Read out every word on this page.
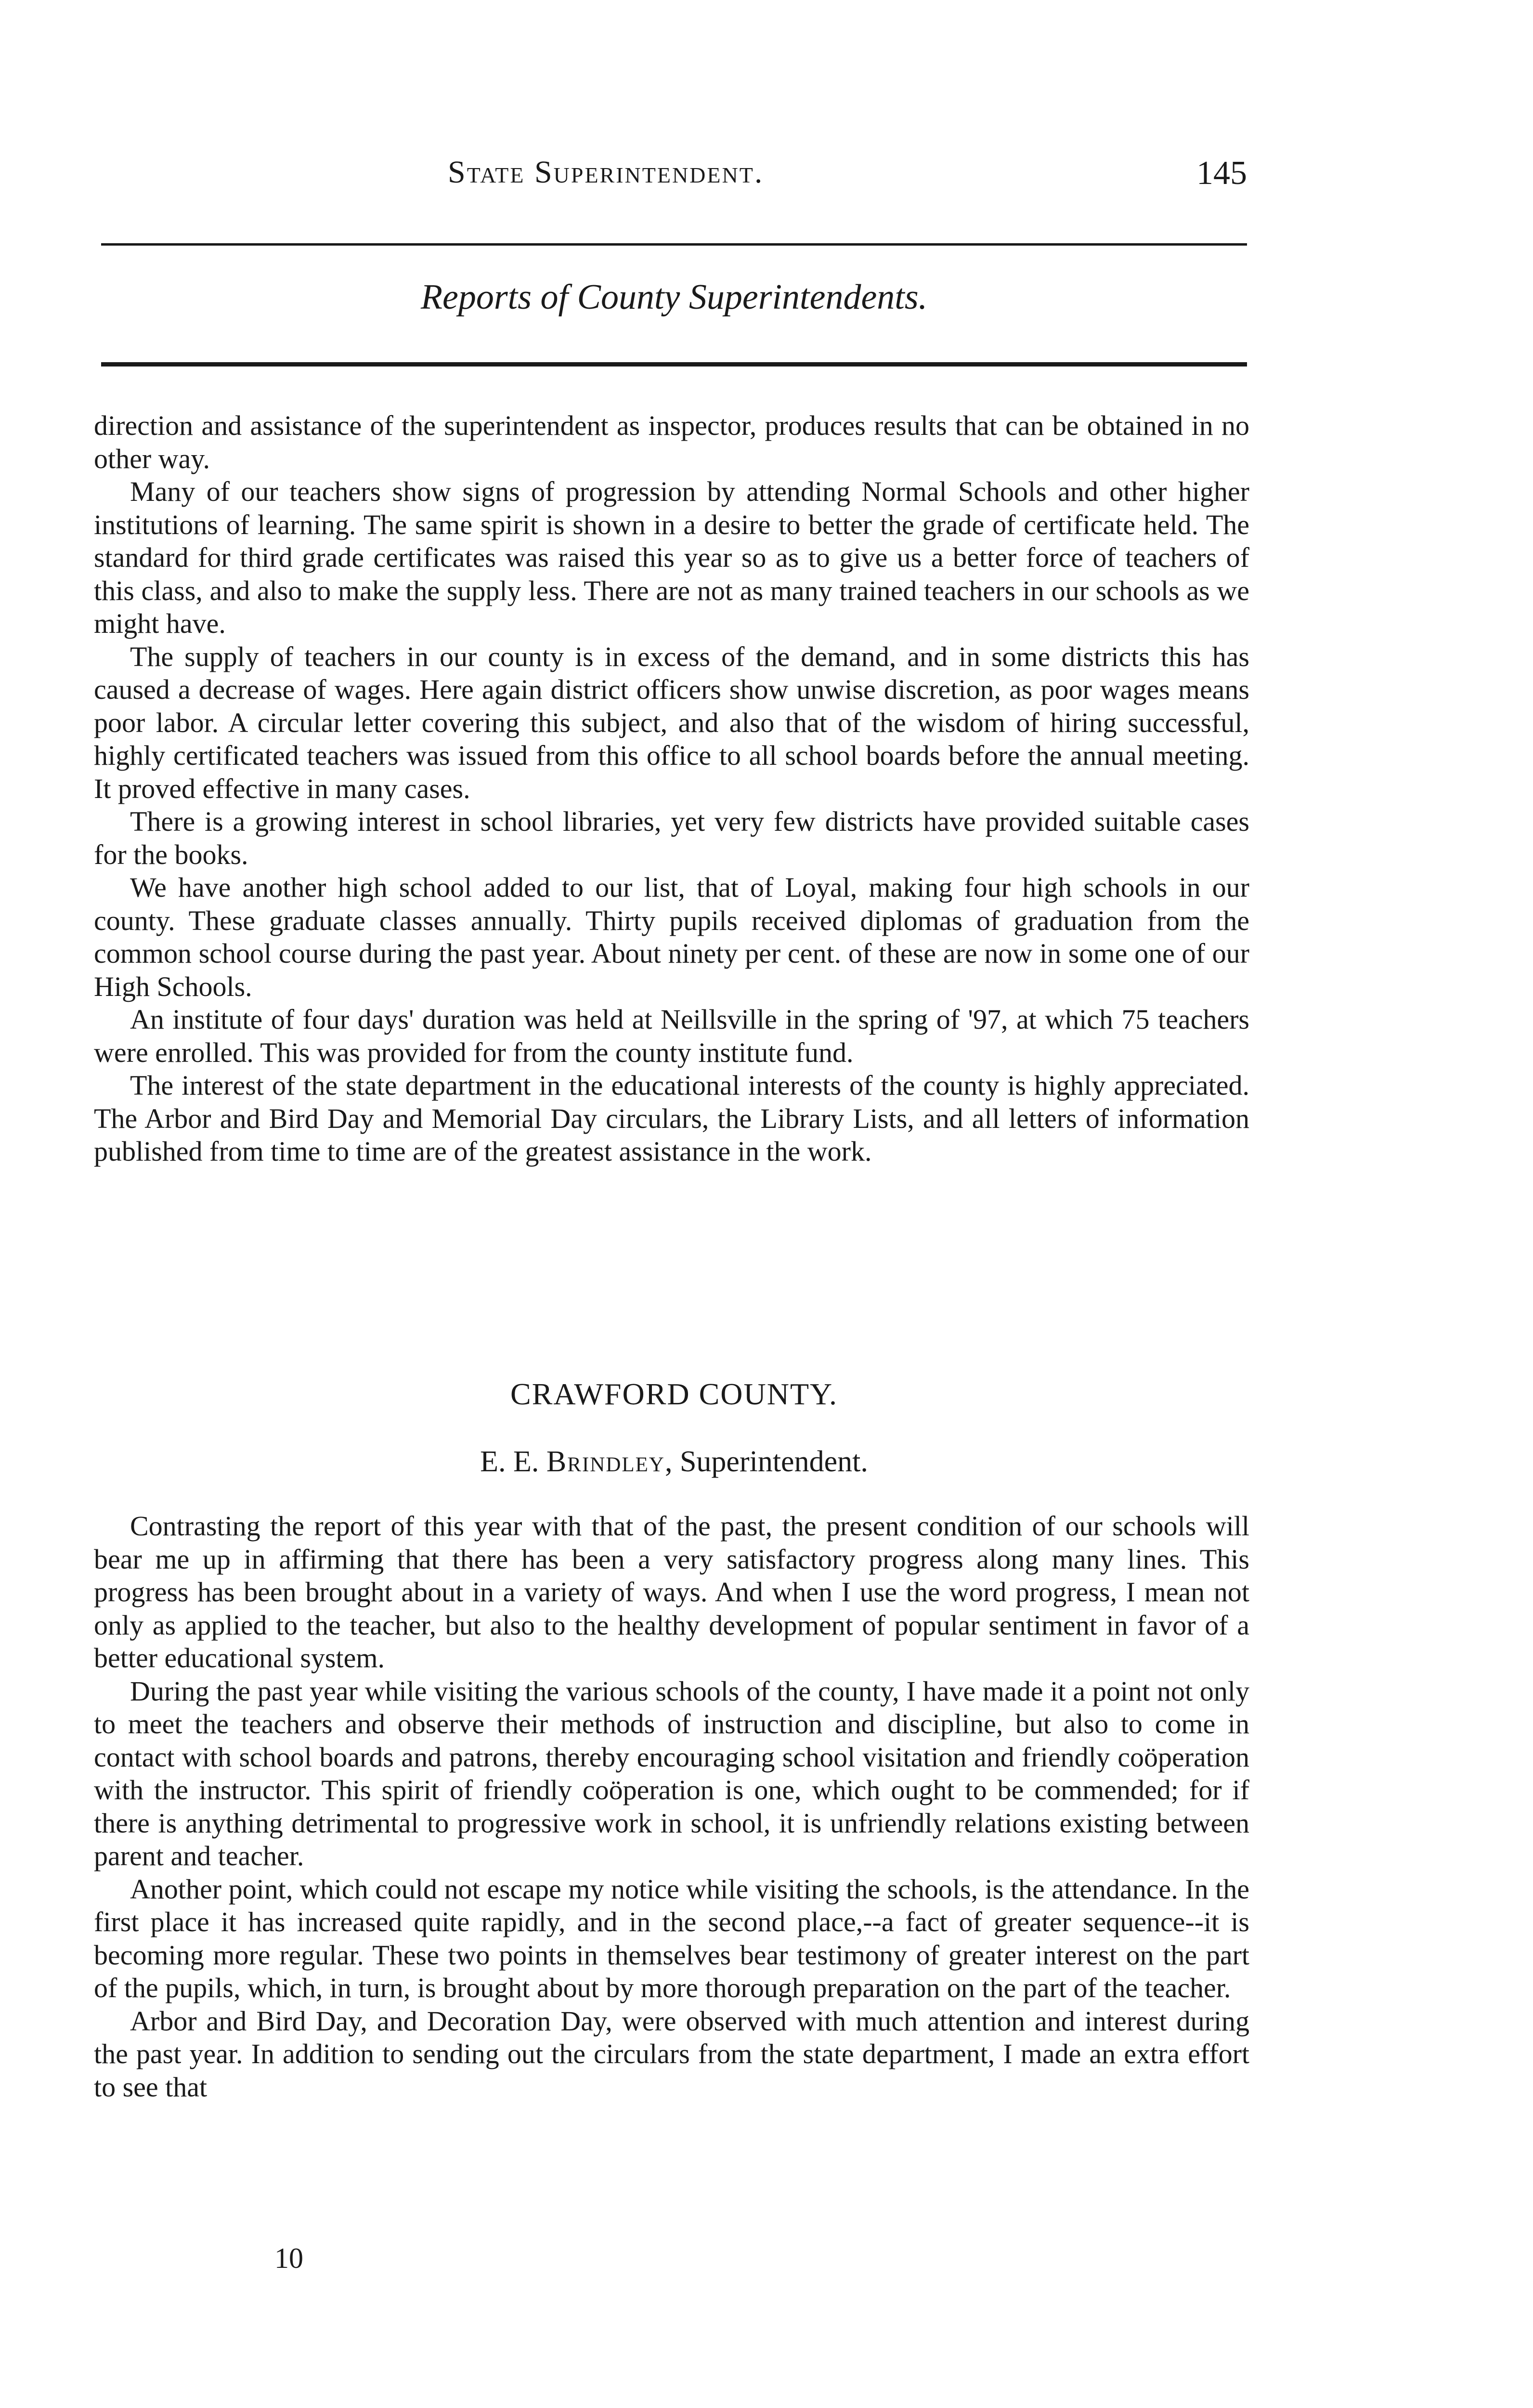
State Superintendent.	145
Reports of County Superintendents.

direction and assistance of the superintendent as inspector, produces results that can be obtained in no other way.

Many of our teachers show signs of progression by attending Normal Schools and other higher institutions of learning. The same spirit is shown in a desire to better the grade of certificate held. The standard for third grade certificates was raised this year so as to give us a better force of teachers of this class, and also to make the supply less. There are not as many trained teachers in our schools as we might have.

The supply of teachers in our county is in excess of the demand, and in some districts this has caused a decrease of wages. Here again district officers show unwise discretion, as poor wages means poor labor. A circular letter covering this subject, and also that of the wisdom of hiring successful, highly certificated teachers was issued from this office to all school boards before the annual meeting. It proved effective in many cases.

There is a growing interest in school libraries, yet very few districts have provided suitable cases for the books.

We have another high school added to our list, that of Loyal, making four high schools in our county. These graduate classes annually. Thirty pupils received diplomas of graduation from the common school course during the past year. About ninety per cent. of these are now in some one of our High Schools.

An institute of four days' duration was held at Neillsville in the spring of '97, at which 75 teachers were enrolled. This was provided for from the county institute fund.

The interest of the state department in the educational interests of the county is highly appreciated. The Arbor and Bird Day and Memorial Day circulars, the Library Lists, and all letters of information published from time to time are of the greatest assistance in the work.

CRAWFORD COUNTY.
E. E. Brindley, Superintendent.

Contrasting the report of this year with that of the past, the present condition of our schools will bear me up in affirming that there has been a very satisfactory progress along many lines. This progress has been brought about in a variety of ways. And when I use the word progress, I mean not only as applied to the teacher, but also to the healthy development of popular sentiment in favor of a better educational system.

During the past year while visiting the various schools of the county, I have made it a point not only to meet the teachers and observe their methods of instruction and discipline, but also to come in contact with school boards and patrons, thereby encouraging school visitation and friendly coöperation with the instructor. This spirit of friendly coöperation is one, which ought to be commended; for if there is anything detrimental to progressive work in school, it is unfriendly relations existing between parent and teacher.

Another point, which could not escape my notice while visiting the schools, is the attendance. In the first place it has increased quite rapidly, and in the second place,--a fact of greater sequence--it is becoming more regular. These two points in themselves bear testimony of greater interest on the part of the pupils, which, in turn, is brought about by more thorough preparation on the part of the teacher.

Arbor and Bird Day, and Decoration Day, were observed with much attention and interest during the past year. In addition to sending out the circulars from the state department, I made an extra effort to see that

10
